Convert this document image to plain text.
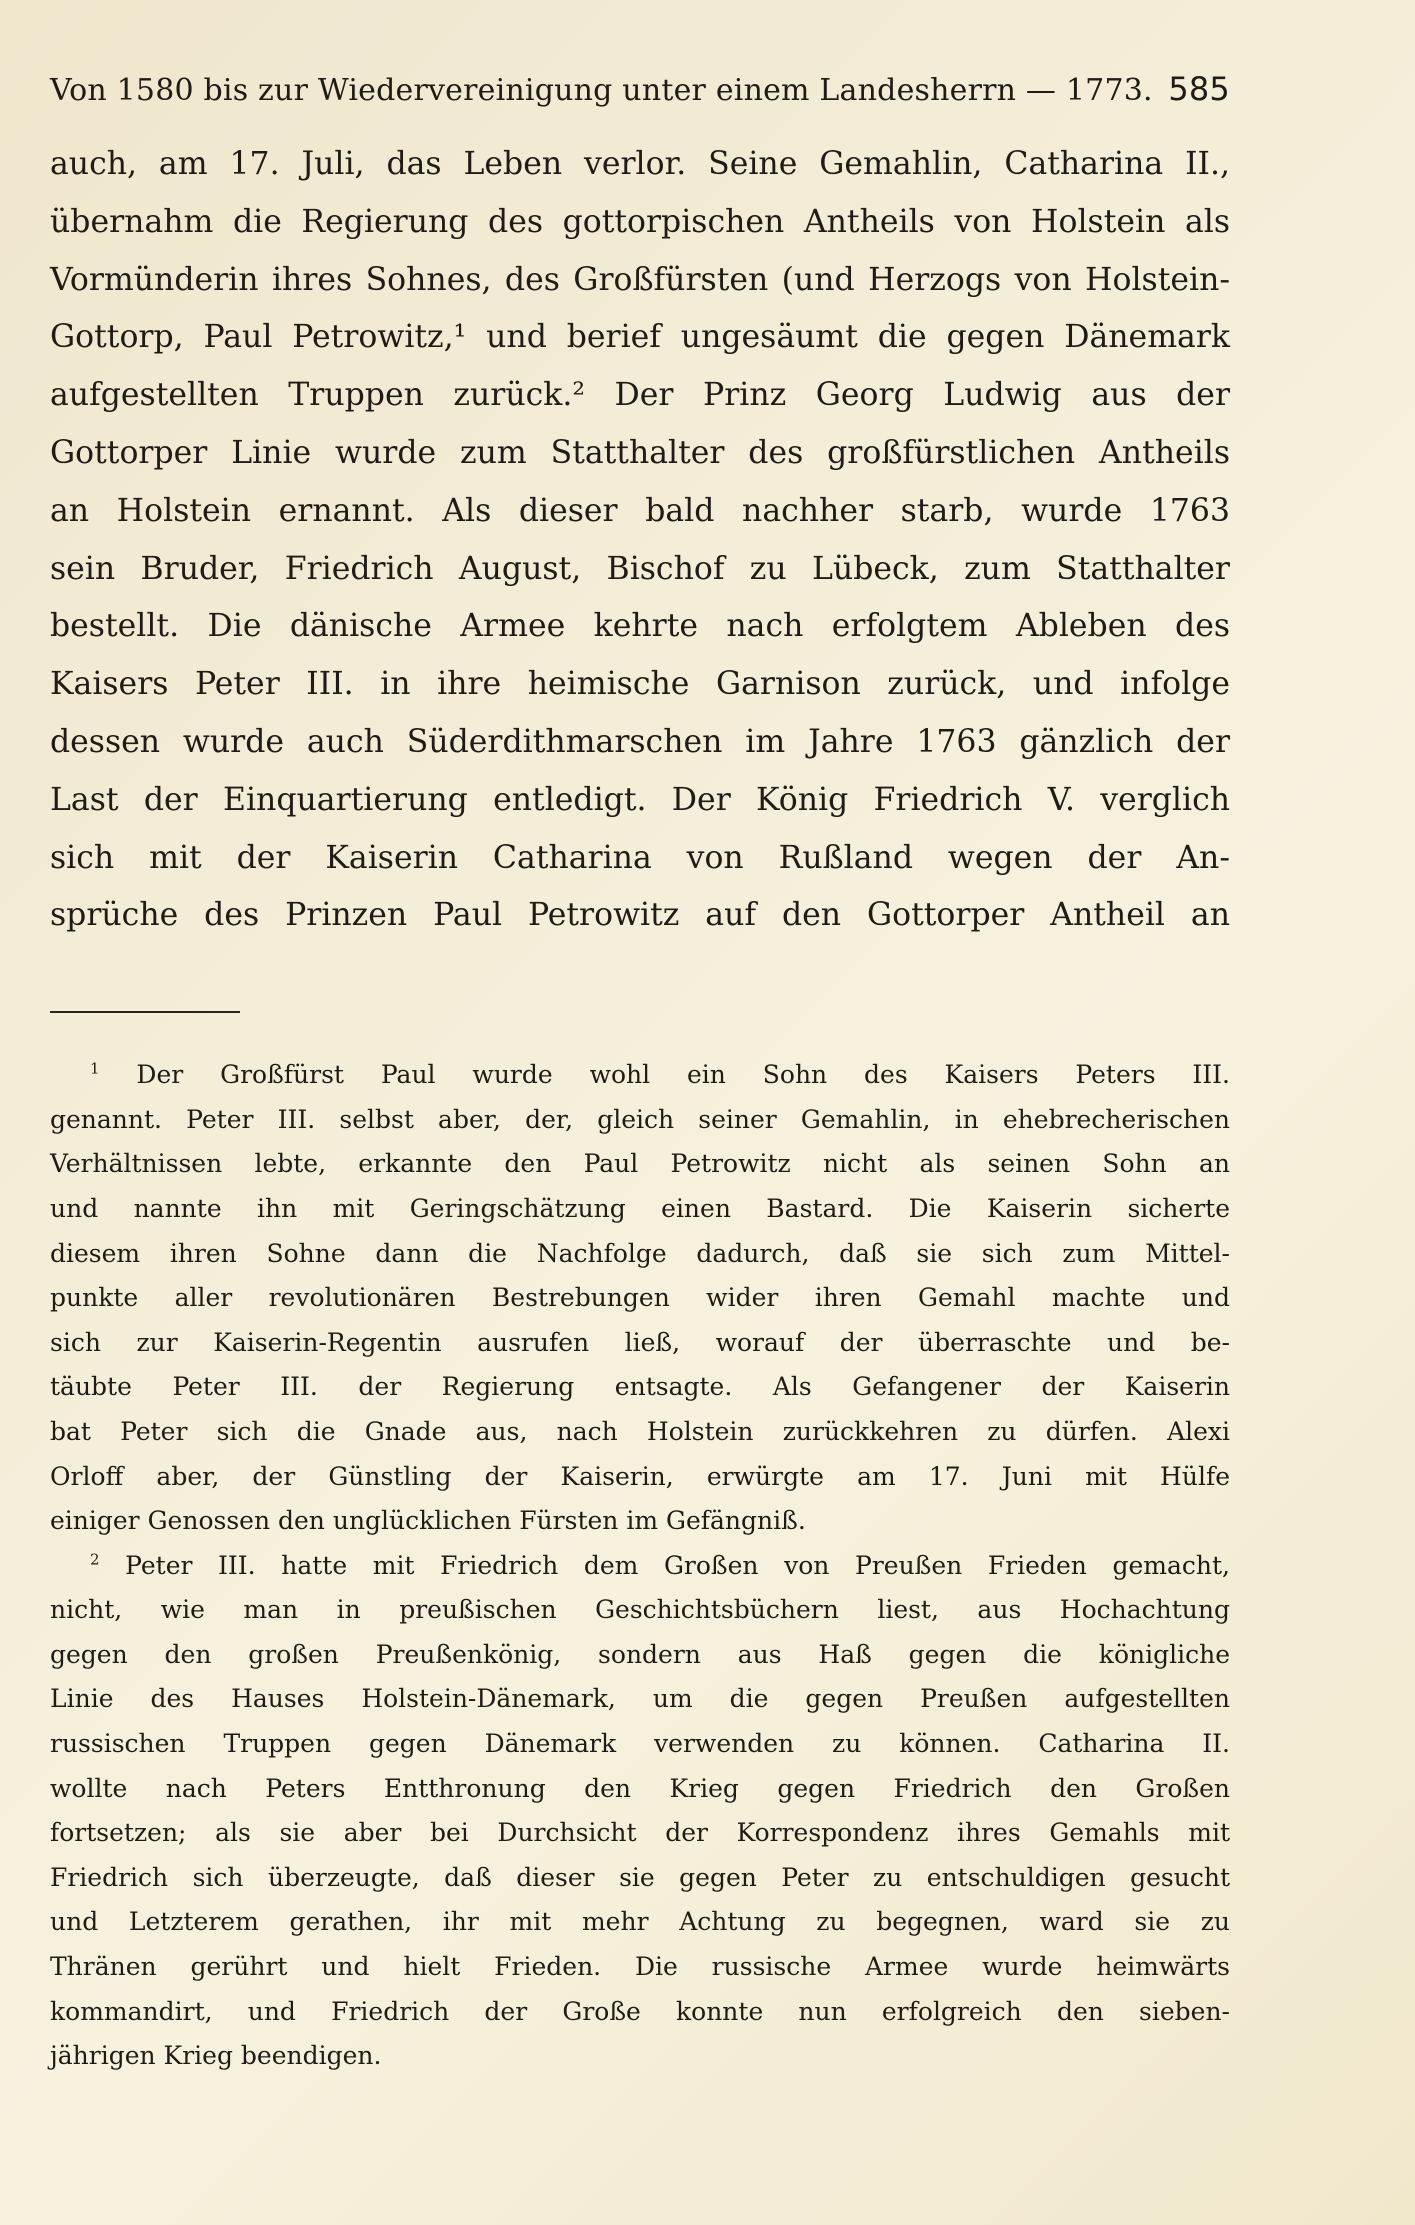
Von 1580 bis zur Wiedervereinigung unter einem Landesherrn — 1773. 585

auch, am 17. Juli, das Leben verlor. Seine Gemahlin, Catharina II.,

übernahm die Regierung des gottorpischen Antheils von Holstein als

Vormünderin ihres Sohnes, des Großfürsten (und Herzogs von Holstein-

Gottorp, Paul Petrowitz,¹ und berief ungesäumt die gegen Dänemark

aufgestellten Truppen zurück.² Der Prinz Georg Ludwig aus der

Gottorper Linie wurde zum Statthalter des großfürstlichen Antheils

an Holstein ernannt. Als dieser bald nachher starb, wurde 1763

sein Bruder, Friedrich August, Bischof zu Lübeck, zum Statthalter

bestellt. Die dänische Armee kehrte nach erfolgtem Ableben des

Kaisers Peter III. in ihre heimische Garnison zurück, und infolge

dessen wurde auch Süderdithmarschen im Jahre 1763 gänzlich der

Last der Einquartierung entledigt. Der König Friedrich V. verglich

sich mit der Kaiserin Catharina von Rußland wegen der An-

sprüche des Prinzen Paul Petrowitz auf den Gottorper Antheil an

$^1$ Der Großfürst Paul wurde wohl ein Sohn des Kaisers Peters III.

genannt. Peter III. selbst aber, der, gleich seiner Gemahlin, in ehebrecherischen

Verhältnissen lebte, erkannte den Paul Petrowitz nicht als seinen Sohn an

und nannte ihn mit Geringschätzung einen Bastard. Die Kaiserin sicherte

diesem ihren Sohne dann die Nachfolge dadurch, daß sie sich zum Mittel-

punkte aller revolutionären Bestrebungen wider ihren Gemahl machte und

sich zur Kaiserin-Regentin ausrufen ließ, worauf der überraschte und be-

täubte Peter III. der Regierung entsagte. Als Gefangener der Kaiserin

bat Peter sich die Gnade aus, nach Holstein zurückkehren zu dürfen. Alexi

Orloff aber, der Günstling der Kaiserin, erwürgte am 17. Juni mit Hülfe

einiger Genossen den unglücklichen Fürsten im Gefängniß.

$^2$ Peter III. hatte mit Friedrich dem Großen von Preußen Frieden gemacht,

nicht, wie man in preußischen Geschichtsbüchern liest, aus Hochachtung

gegen den großen Preußenkönig, sondern aus Haß gegen die königliche

Linie des Hauses Holstein-Dänemark, um die gegen Preußen aufgestellten

russischen Truppen gegen Dänemark verwenden zu können. Catharina II.

wollte nach Peters Entthronung den Krieg gegen Friedrich den Großen

fortsetzen; als sie aber bei Durchsicht der Korrespondenz ihres Gemahls mit

Friedrich sich überzeugte, daß dieser sie gegen Peter zu entschuldigen gesucht

und Letzterem gerathen, ihr mit mehr Achtung zu begegnen, ward sie zu

Thränen gerührt und hielt Frieden. Die russische Armee wurde heimwärts

kommandirt, und Friedrich der Große konnte nun erfolgreich den sieben-

jährigen Krieg beendigen.
